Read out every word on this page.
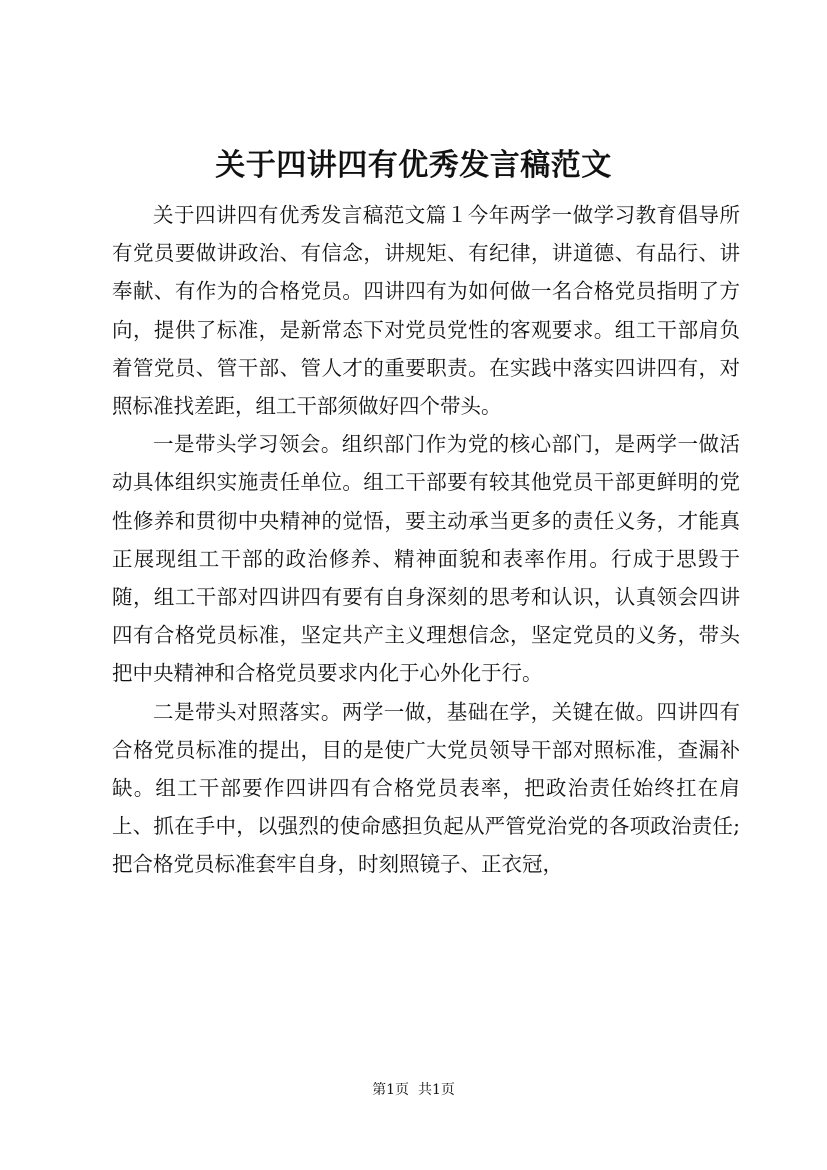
关于四讲四有优秀发言稿范文

关于四讲四有优秀发言稿范文篇１今年两学一做学习教育倡导所有党员要做讲政治、有信念，讲规矩、有纪律，讲道德、有品行、讲奉献、有作为的合格党员。四讲四有为如何做一名合格党员指明了方向，提供了标准，是新常态下对党员党性的客观要求。组工干部肩负着管党员、管干部、管人才的重要职责。在实践中落实四讲四有，对照标准找差距，组工干部须做好四个带头。

一是带头学习领会。组织部门作为党的核心部门，是两学一做活动具体组织实施责任单位。组工干部要有较其他党员干部更鲜明的党性修养和贯彻中央精神的觉悟，要主动承当更多的责任义务，才能真正展现组工干部的政治修养、精神面貌和表率作用。行成于思毁于随，组工干部对四讲四有要有自身深刻的思考和认识，认真领会四讲四有合格党员标准，坚定共产主义理想信念，坚定党员的义务，带头把中央精神和合格党员要求内化于心外化于行。

二是带头对照落实。两学一做，基础在学，关键在做。四讲四有合格党员标准的提出，目的是使广大党员领导干部对照标准，查漏补缺。组工干部要作四讲四有合格党员表率，把政治责任始终扛在肩上、抓在手中，以强烈的使命感担负起从严管党治党的各项政治责任;把合格党员标准套牢自身，时刻照镜子、正衣冠，

第1页 共1页
